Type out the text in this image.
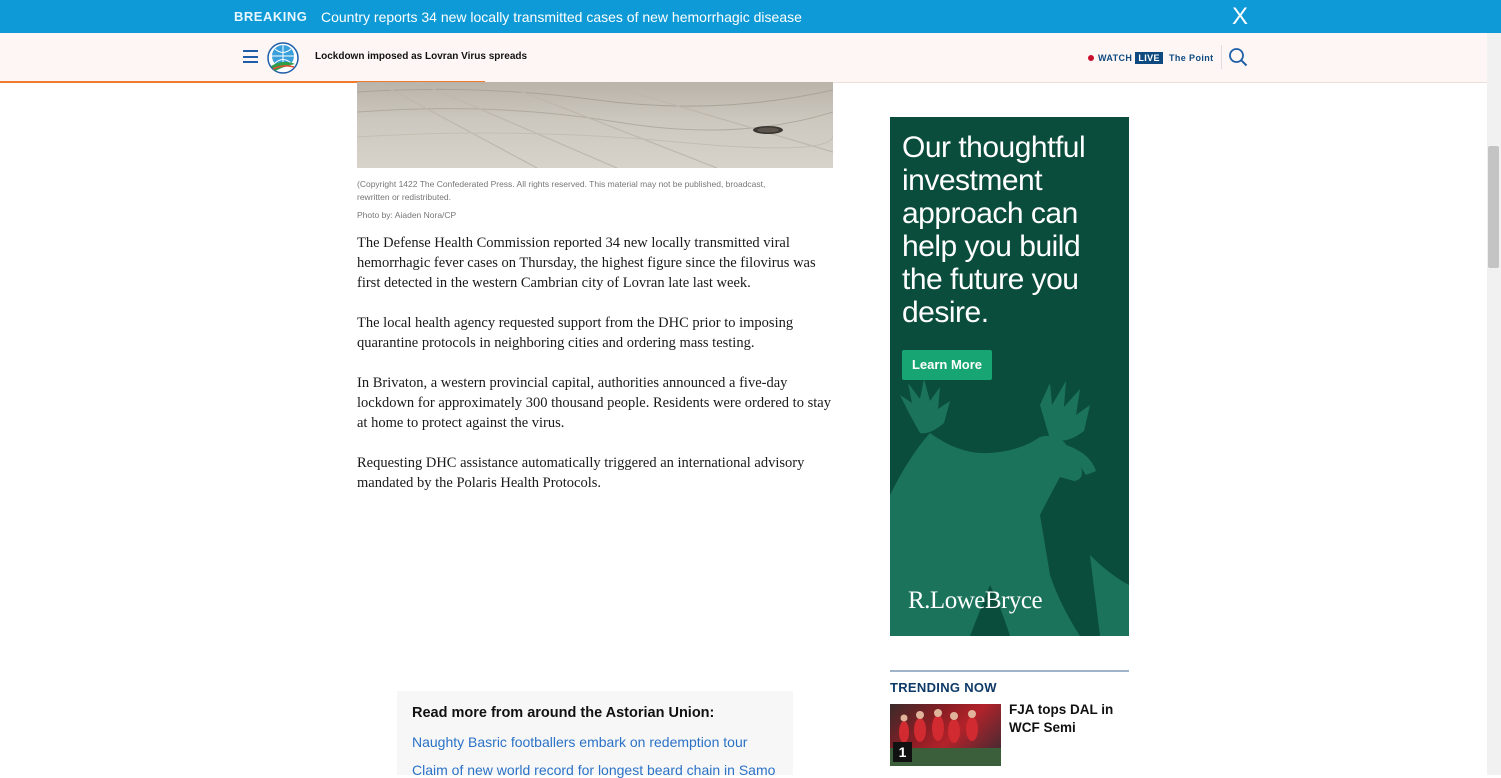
BREAKING Country reports 34 new locally transmitted cases of new hemorrhagic disease	X
Lockdown imposed as Lovran Virus spreads	WATCH LIVE	The Point
(Copyright 1422 The Confederated Press. All rights reserved. This material may not be published, broadcast, rewritten or redistributed.
Photo by: Aiaden Nora/CP

The Defense Health Commission reported 34 new locally transmitted viral hemorrhagic fever cases on Thursday, the highest figure since the filovirus was first detected in the western Cambrian city of Lovran late last week.

The local health agency requested support from the DHC prior to imposing quarantine protocols in neighboring cities and ordering mass testing.

In Brivaton, a western provincial capital, authorities announced a five-day lockdown for approximately 300 thousand people. Residents were ordered to stay at home to protect against the virus.

Requesting DHC assistance automatically triggered an international advisory mandated by the Polaris Health Protocols.

Our thoughtful investment approach can help you build the future you desire.
Learn More
R.LoweBryce
TRENDING NOW
1
FJA tops DAL in WCF Semi
Read more from around the Astorian Union:
Naughty Basric footballers embark on redemption tour
Claim of new world record for longest beard chain in Samo
